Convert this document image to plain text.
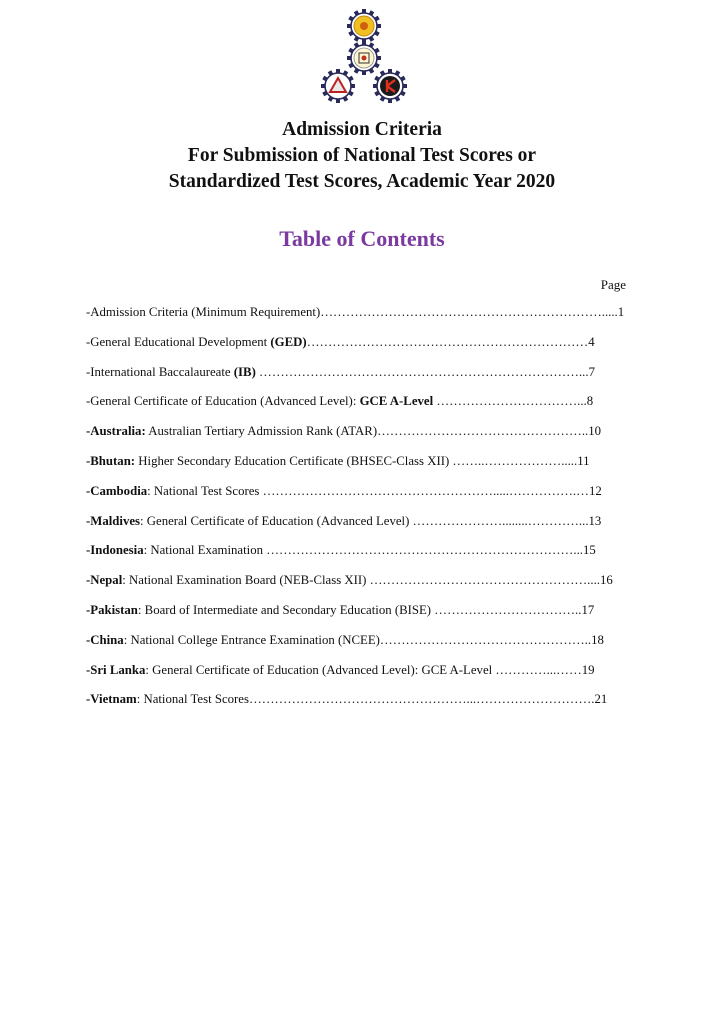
Admission Criteria
For Submission of National Test Scores or
Standardized Test Scores, Academic Year 2020
Table of Contents
Page
-Admission Criteria (Minimum Requirement)………………………………………………………….....1
-General Educational Development (GED)…………………………………………………………4
-International Baccalaureate (IB) …………………………………………………………………...7
-General Certificate of Education (Advanced Level): GCE A-Level ……………………………...8
-Australia: Australian Tertiary Admission Rank (ATAR)…………………………………………..10
-Bhutan: Higher Secondary Education Certificate (BHSEC-Class XII) ……..……………….....11
-Cambodia: National Test Scores ……………………………………………….....…………….…12
-Maldives: General Certificate of Education (Advanced Level) …………………........…………...13
-Indonesia: National Examination ………………………………………………………………...15
-Nepal: National Examination Board (NEB-Class XII) ……………………………………………....16
-Pakistan: Board of Intermediate and Secondary Education (BISE) ……………………………..17
-China: National College Entrance Examination (NCEE)…………………………………………..18
-Sri Lanka: General Certificate of Education (Advanced Level): GCE A-Level …………...……19
-Vietnam: National Test Scores……………………………………………...……………………….21
